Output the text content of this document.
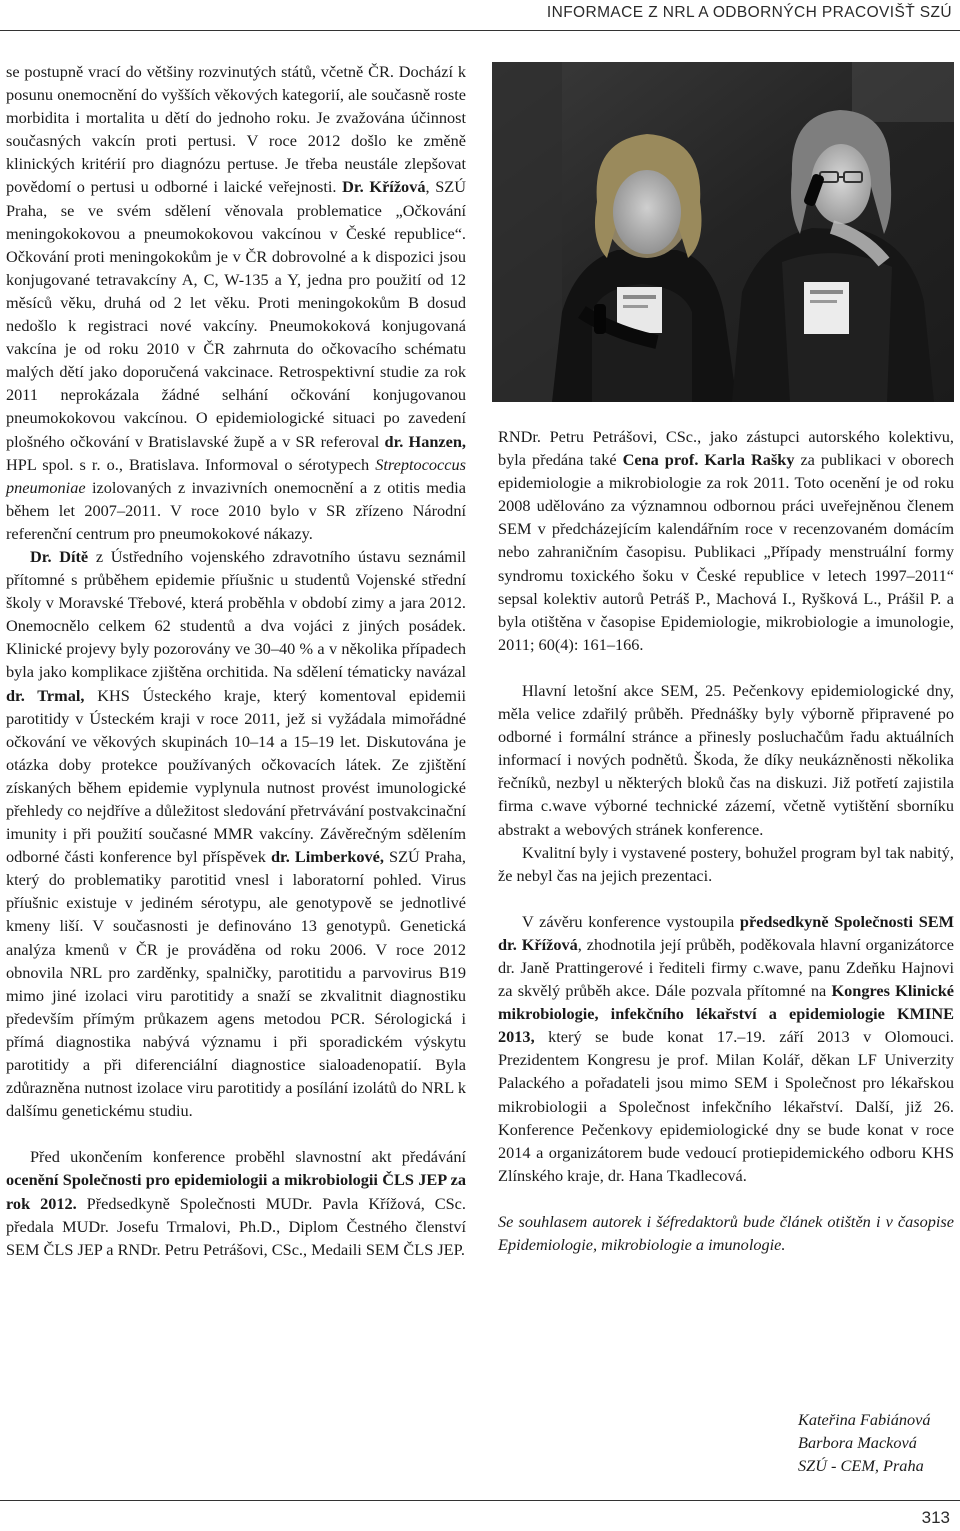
INFORMACE Z NRL A ODBORNÝCH PRACOVIŠŤ SZÚ

se postupně vrací do většiny rozvinutých států, včetně ČR. Dochází k posunu onemocnění do vyšších věkových kategorií, ale současně roste morbidita i mortalita u dětí do jednoho roku. Je zvažována účinnost současných vakcín proti pertusi. V roce 2012 došlo ke změně klinických kritérií pro diagnózu pertuse. Je třeba neustále zlepšovat povědomí o pertusi u odborné i laické veřejnosti. Dr. Křížová, SZÚ Praha, se ve svém sdělení věnovala problematice „Očkování meningokokovou a pneumokokovou vakcínou v České republice“. Očkování proti meningokokům je v ČR dobrovolné a k dispozici jsou konjugované tetravakcíny A, C, W-135 a Y, jedna pro použití od 12 měsíců věku, druhá od 2 let věku. Proti meningokokům B dosud nedošlo k registraci nové vakcíny. Pneumokoková konjugovaná vakcína je od roku 2010 v ČR zahrnuta do očkovacího schématu malých dětí jako doporučená vakcinace. Retrospektivní studie za rok 2011 neprokázala žádné selhání očkování konjugovanou pneumokokovou vakcínou. O epidemiologické situaci po zavedení plošného očkování v Bratislavské župě a v SR referoval dr. Hanzen, HPL spol. s r. o., Bratislava. Informoval o sérotypech Streptococcus pneumoniae izolovaných z invazivních onemocnění a z otitis media během let 2007–2011. V roce 2010 bylo v SR zřízeno Národní referenční centrum pro pneumokokové nákazy.

Dr. Dítě z Ústředního vojenského zdravotního ústavu seznámil přítomné s průběhem epidemie příušnic u studentů Vojenské střední školy v Moravské Třebové, která proběhla v období zimy a jara 2012. Onemocnělo celkem 62 studentů a dva vojáci z jiných posádek. Klinické projevy byly pozorovány ve 30–40 % a v několika případech byla jako komplikace zjištěna orchitida. Na sdělení tématicky navázal dr. Trmal, KHS Ústeckého kraje, který komentoval epidemii parotitidy v Ústeckém kraji v roce 2011, jež si vyžádala mimořádné očkování ve věkových skupinách 10–14 a 15–19 let. Diskutována je otázka doby protekce používaných očkovacích látek. Ze zjištění získaných během epidemie vyplynula nutnost provést imunologické přehledy co nejdříve a důležitost sledování přetrvávání postvakcinační imunity i při použití současné MMR vakcíny. Závěrečným sdělením odborné části konference byl příspěvek dr. Limberkové, SZÚ Praha, který do problematiky parotitid vnesl i laboratorní pohled. Virus příušnic existuje v jediném sérotypu, ale genotypově se jednotlivé kmeny liší. V současnosti je definováno 13 genotypů. Genetická analýza kmenů v ČR je prováděna od roku 2006. V roce 2012 obnovila NRL pro zarděnky, spalničky, parotitidu a parvovirus B19 mimo jiné izolaci viru parotitidy a snaží se zkvalitnit diagnostiku především přímým průkazem agens metodou PCR. Sérologická i přímá diagnostika nabývá významu i při sporadickém výskytu parotitidy a při diferenciální diagnostice sialoadenopatií. Byla zdůrazněna nutnost izolace viru parotitidy a posílání izolátů do NRL k dalšímu genetickému studiu.

Před ukončením konference proběhl slavnostní akt předávání ocenění Společnosti pro epidemiologii a mikrobiologii ČLS JEP za rok 2012. Předsedkyně Společnosti MUDr. Pavla Křížová, CSc. předala MUDr. Josefu Trmalovi, Ph.D., Diplom Čestného členství SEM ČLS JEP a RNDr. Petru Petrášovi, CSc., Medaili SEM ČLS JEP.

RNDr. Petru Petrášovi, CSc., jako zástupci autorského kolektivu, byla předána také Cena prof. Karla Rašky za publikaci v oborech epidemiologie a mikrobiologie za rok 2011. Toto ocenění je od roku 2008 udělováno za významnou odbornou práci uveřejněnou členem SEM v předcházejícím kalendářním roce v recenzovaném domácím nebo zahraničním časopisu. Publikaci „Případy menstruální formy syndromu toxického šoku v České republice v letech 1997–2011“ sepsal kolektiv autorů Petráš P., Machová I., Ryšková L., Prášil P. a byla otištěna v časopise Epidemiologie, mikrobiologie a imunologie, 2011; 60(4): 161–166.

Hlavní letošní akce SEM, 25. Pečenkovy epidemiologické dny, měla velice zdařilý průběh. Přednášky byly výborně připravené po odborné i formální stránce a přinesly posluchačům řadu aktuálních informací i nových podnětů. Škoda, že díky neukázněnosti několika řečníků, nezbyl u některých bloků čas na diskuzi. Již potřetí zajistila firma c.wave výborné technické zázemí, včetně vytištění sborníku abstrakt a webových stránek konference.

Kvalitní byly i vystavené postery, bohužel program byl tak nabitý, že nebyl čas na jejich prezentaci.

V závěru konference vystoupila předsedkyně Společnosti SEM dr. Křížová, zhodnotila její průběh, poděkovala hlavní organizátorce dr. Janě Prattingerové i řediteli firmy c.wave, panu Zdeňku Hajnovi za skvělý průběh akce. Dále pozvala přítomné na Kongres Klinické mikrobiologie, infekčního lékařství a epidemiologie KMINE 2013, který se bude konat 17.–19. září 2013 v Olomouci. Prezidentem Kongresu je prof. Milan Kolář, děkan LF Univerzity Palackého a pořadateli jsou mimo SEM i Společnost pro lékařskou mikrobiologii a Společnost infekčního lékařství. Další, již 26. Konference Pečenkovy epidemiologické dny se bude konat v roce 2014 a organizátorem bude vedoucí protiepidemického odboru KHS Zlínského kraje, dr. Hana Tkadlecová.

Se souhlasem autorek i šéfredaktorů bude článek otištěn i v časopise Epidemiologie, mikrobiologie a imunologie.

Kateřina Fabiánová
Barbora Macková
SZÚ - CEM, Praha
313
